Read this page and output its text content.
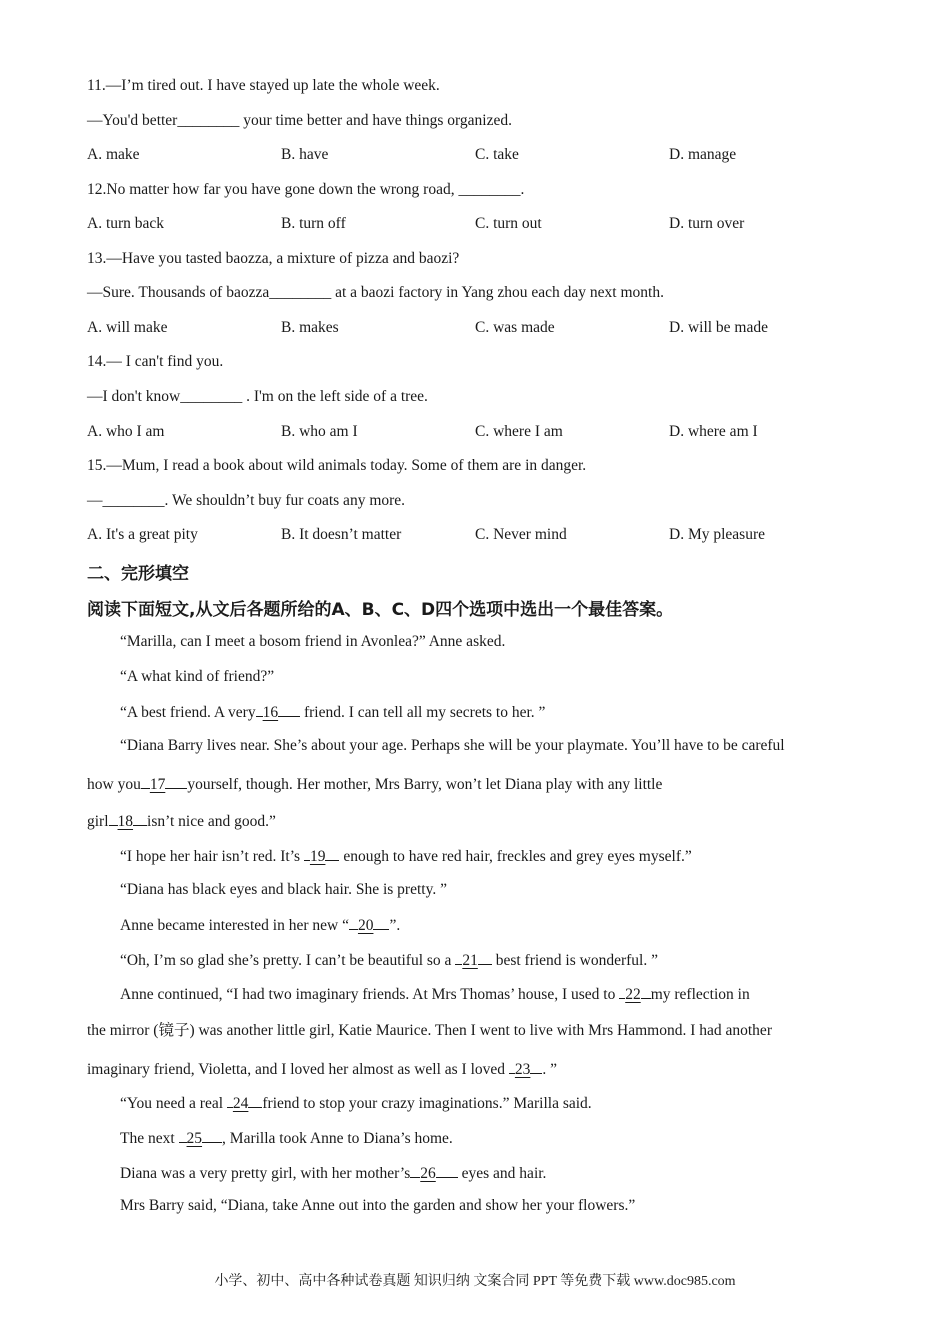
11.—I’m tired out. I have stayed up late the whole week.
—You'd better________ your time better and have things organized.
A. make	B. have	C. take	D. manage
12.No matter how far you have gone down the wrong road, ________.
A. turn back	B. turn off	C. turn out	D. turn over
13.—Have you tasted baozza, a mixture of pizza and baozi?
—Sure. Thousands of baozza________ at a baozi factory in Yang zhou each day next month.
A. will make	B. makes	C. was made	D. will be made
14.— I can't find you.
—I don't know________ . I'm on the left side of a tree.
A. who I am	B. who am I	C. where I am	D. where am I
15.—Mum, I read a book about wild animals today. Some of them are in danger.
—________. We shouldn’t buy fur coats any more.
A. It's a great pity	B. It doesn’t matter	C. Never mind	D. My pleasure
二、完形填空
阅读下面短文,从文后各题所给的A、B、C、D四个选项中选出一个最佳答案。
“Marilla, can I meet a bosom friend in Avonlea?” Anne asked.
“A what kind of friend?”
“A best friend. A very 16 friend. I can tell all my secrets to her. ”
“Diana Barry lives near. She’s about your age. Perhaps she will be your playmate. You’ll have to be careful
how you 17 yourself, though. Her mother, Mrs Barry, won’t let Diana play with any little
girl 18 isn’t nice and good.”
“I hope her hair isn’t red. It’s 19 enough to have red hair, freckles and grey eyes myself.”
“Diana has black eyes and black hair. She is pretty. ”
Anne became interested in her new “ 20 ”.
“Oh, I’m so glad she’s pretty. I can’t be beautiful so a 21 best friend is wonderful. ”
Anne continued, “I had two imaginary friends. At Mrs Thomas’ house, I used to 22 my reflection in
the mirror (镜子) was another little girl, Katie Maurice. Then I went to live with Mrs Hammond. I had another
imaginary friend, Violetta, and I loved her almost as well as I loved 23 . ”
“You need a real 24 friend to stop your crazy imaginations.” Marilla said.
The next 25 , Marilla took Anne to Diana’s home.
Diana was a very pretty girl, with her mother’s 26 eyes and hair.
Mrs Barry said, “Diana, take Anne out into the garden and show her your flowers.”
小学、初中、高中各种试卷真题 知识归纳 文案合同 PPT 等免费下载 www.doc985.com
